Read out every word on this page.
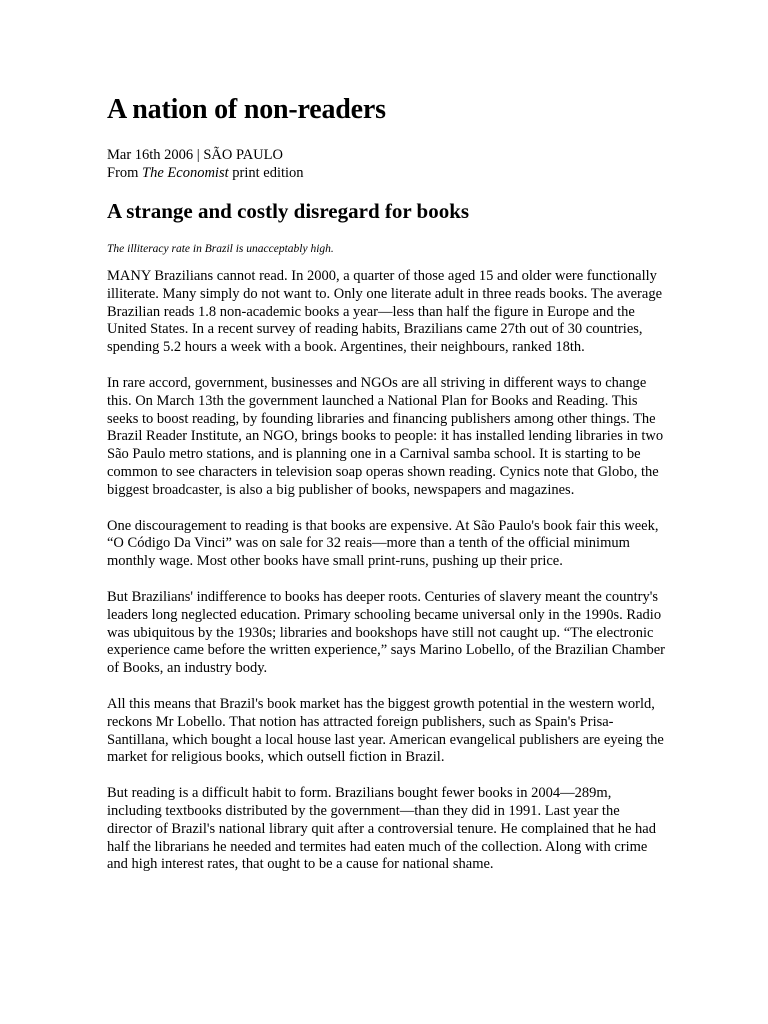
A nation of non-readers
Mar 16th 2006 | SÃO PAULO
From The Economist print edition
A strange and costly disregard for books

The illiteracy rate in Brazil is unacceptably high.

MANY Brazilians cannot read. In 2000, a quarter of those aged 15 and older were functionally illiterate. Many simply do not want to. Only one literate adult in three reads books. The average Brazilian reads 1.8 non-academic books a year—less than half the figure in Europe and the United States. In a recent survey of reading habits, Brazilians came 27th out of 30 countries, spending 5.2 hours a week with a book. Argentines, their neighbours, ranked 18th.

In rare accord, government, businesses and NGOs are all striving in different ways to change this. On March 13th the government launched a National Plan for Books and Reading. This seeks to boost reading, by founding libraries and financing publishers among other things. The Brazil Reader Institute, an NGO, brings books to people: it has installed lending libraries in two São Paulo metro stations, and is planning one in a Carnival samba school. It is starting to be common to see characters in television soap operas shown reading. Cynics note that Globo, the biggest broadcaster, is also a big publisher of books, newspapers and magazines.

One discouragement to reading is that books are expensive. At São Paulo's book fair this week, “O Código Da Vinci” was on sale for 32 reais—more than a tenth of the official minimum monthly wage. Most other books have small print-runs, pushing up their price.

But Brazilians' indifference to books has deeper roots. Centuries of slavery meant the country's leaders long neglected education. Primary schooling became universal only in the 1990s. Radio was ubiquitous by the 1930s; libraries and bookshops have still not caught up. “The electronic experience came before the written experience,” says Marino Lobello, of the Brazilian Chamber of Books, an industry body.

All this means that Brazil's book market has the biggest growth potential in the western world, reckons Mr Lobello. That notion has attracted foreign publishers, such as Spain's Prisa-Santillana, which bought a local house last year. American evangelical publishers are eyeing the market for religious books, which outsell fiction in Brazil.

But reading is a difficult habit to form. Brazilians bought fewer books in 2004—289m, including textbooks distributed by the government—than they did in 1991. Last year the director of Brazil's national library quit after a controversial tenure. He complained that he had half the librarians he needed and termites had eaten much of the collection. Along with crime and high interest rates, that ought to be a cause for national shame.
